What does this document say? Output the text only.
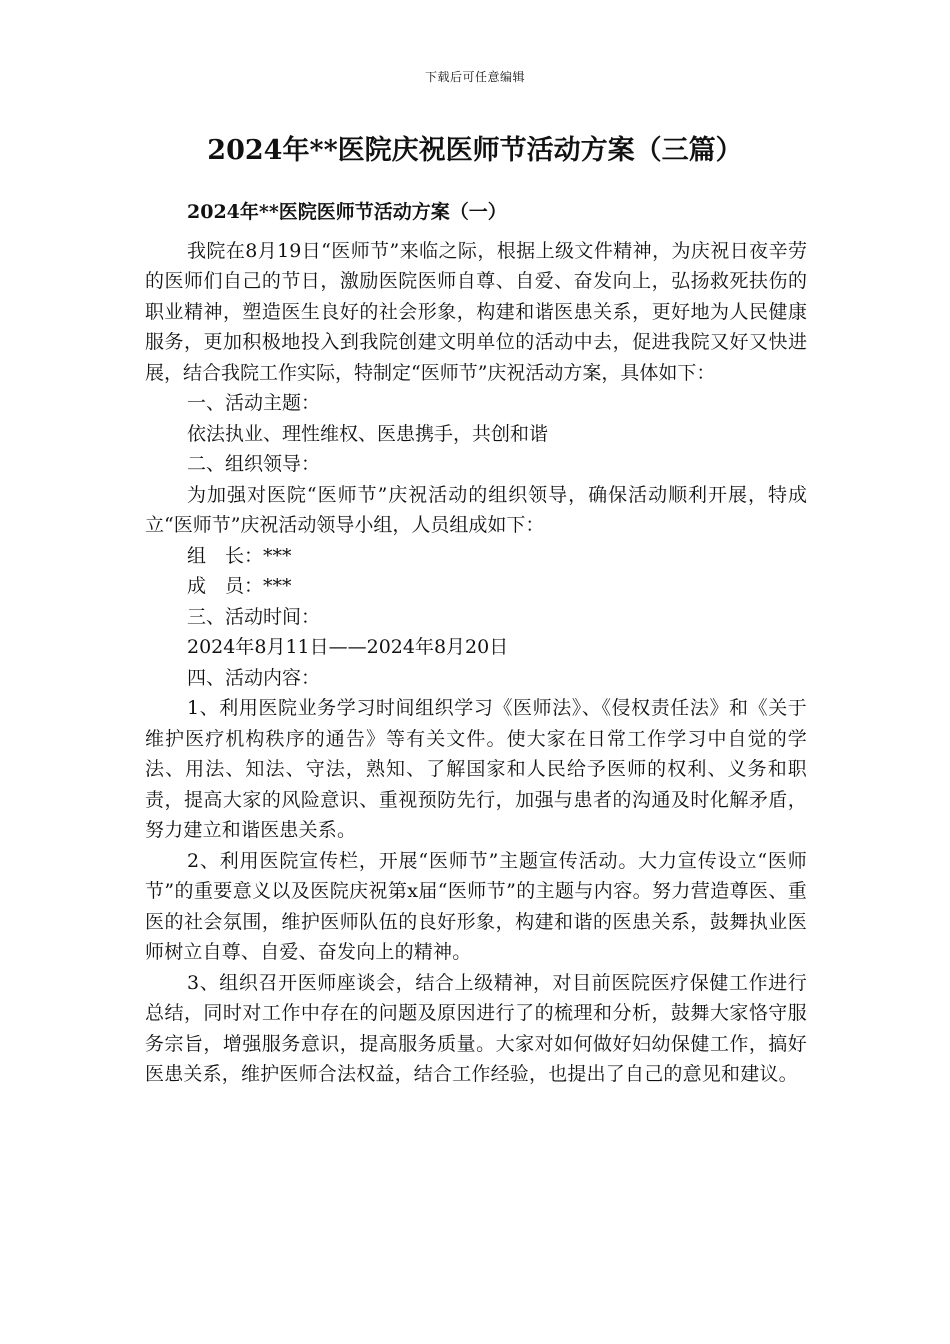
下载后可任意编辑
2024年**医院庆祝医师节活动方案（三篇）
2024年**医院医师节活动方案（一）

我院在8月19日“医师节”来临之际，根据上级文件精神，为庆祝日夜辛劳的医师们自己的节日，激励医院医师自尊、自爱、奋发向上，弘扬救死扶伤的职业精神，塑造医生良好的社会形象，构建和谐医患关系，更好地为人民健康服务，更加积极地投入到我院创建文明单位的活动中去，促进我院又好又快进展，结合我院工作实际，特制定“医师节”庆祝活动方案，具体如下：

一、活动主题：

依法执业、理性维权、医患携手，共创和谐

二、组织领导：

为加强对医院“医师节”庆祝活动的组织领导，确保活动顺利开展，特成立“医师节”庆祝活动领导小组，人员组成如下：

组　长：***

成　员：***

三、活动时间：

2024年8月11日——2024年8月20日

四、活动内容：

1、利用医院业务学习时间组织学习《医师法》、《侵权责任法》和《关于维护医疗机构秩序的通告》等有关文件。使大家在日常工作学习中自觉的学法、用法、知法、守法，熟知、了解国家和人民给予医师的权利、义务和职责，提高大家的风险意识、重视预防先行，加强与患者的沟通及时化解矛盾，努力建立和谐医患关系。

2、利用医院宣传栏，开展“医师节”主题宣传活动。大力宣传设立“医师节”的重要意义以及医院庆祝第x届“医师节”的主题与内容。努力营造尊医、重医的社会氛围，维护医师队伍的良好形象，构建和谐的医患关系，鼓舞执业医师树立自尊、自爱、奋发向上的精神。

3、组织召开医师座谈会，结合上级精神，对目前医院医疗保健工作进行总结，同时对工作中存在的问题及原因进行了的梳理和分析，鼓舞大家恪守服务宗旨，增强服务意识，提高服务质量。大家对如何做好妇幼保健工作，搞好医患关系，维护医师合法权益，结合工作经验，也提出了自己的意见和建议。
